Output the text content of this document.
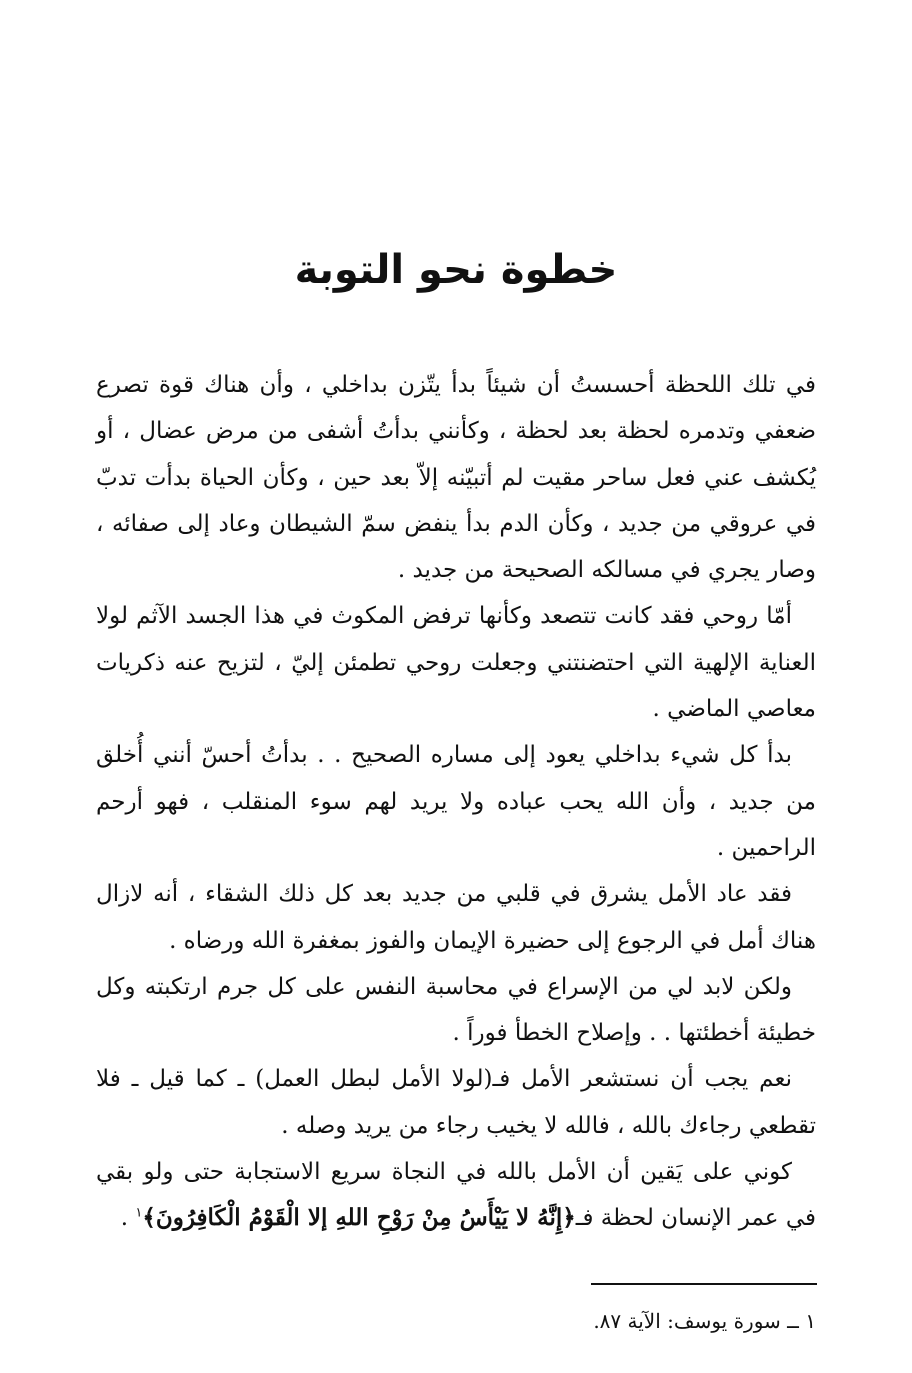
خطوة نحو التوبة

في تلك اللحظة أحسستُ أن شيئاً بدأ يتّزن بداخلي ، وأن هناك قوة تصرع ضعفي وتدمره لحظة بعد لحظة ، وكأنني بدأتُ أشفى من مرض عضال ، أو يُكشف عني فعل ساحر مقيت لم أتبيّنه إلاّ بعد حين ، وكأن الحياة بدأت تدبّ في عروقي من جديد ، وكأن الدم بدأ ينفض سمّ الشيطان وعاد إلى صفائه ، وصار يجري في مسالكه الصحيحة من جديد .

أمّا روحي فقد كانت تتصعد وكأنها ترفض المكوث في هذا الجسد الآثم لولا العناية الإلهية التي احتضنتني وجعلت روحي تطمئن إليّ ، لتزيح عنه ذكريات معاصي الماضي .

بدأ كل شيء بداخلي يعود إلى مساره الصحيح . . بدأتُ أحسّ أنني أُخلق من جديد ، وأن الله يحب عباده ولا يريد لهم سوء المنقلب ، فهو أرحم الراحمين .

فقد عاد الأمل يشرق في قلبي من جديد بعد كل ذلك الشقاء ، أنه لازال هناك أمل في الرجوع إلى حضيرة الإيمان والفوز بمغفرة الله ورضاه .

ولكن لابد لي من الإسراع في محاسبة النفس على كل جرم ارتكبته وكل خطيئة أخطئتها . . وإصلاح الخطأ فوراً .

نعم يجب أن نستشعر الأمل فـ(لولا الأمل لبطل العمل) ـ كما قيل ـ فلا تقطعي رجاءك بالله ، فالله لا يخيب رجاء من يريد وصله .

كوني على يَقين أن الأمل بالله في النجاة سريع الاستجابة حتى ولو بقي في عمر الإنسان لحظة فـ﴿إِنَّهُ لا يَيْأَسُ مِنْ رَوْحِ اللهِ إلا الْقَوْمُ الْكَافِرُونَ﴾$^١$ .

١ ــ سورة يوسف: الآية ٨٧.
